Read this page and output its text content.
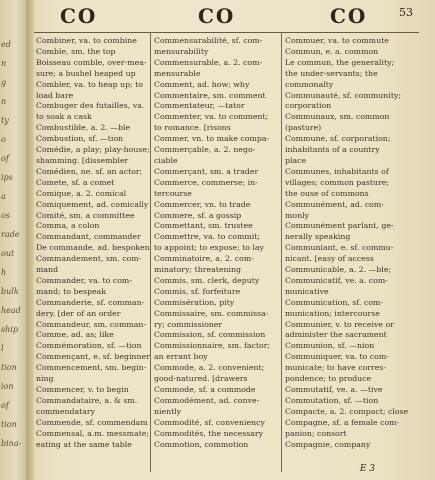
ed
n
g
n
ty
o
of
ips
a
os
rade
out
h
bulk
head
ship
l
tion
ion
of
tion
bina-
CO	CO	CO	53
Combiner, va. to combine
Comble, sm. the top
Boisseau comble, over-mea-
sure; a bushel heaped up
Combler, va. to heap up; to
load bare
Combuger des futailles, va.
to soak a cask
Combustible, a. 2. —ble
Combustion, sf. —tion
Comédie, a play; play-house;
shamming. [dissembler
Comédien, ne. sf. an actor;
Comete, sf. a comet
Comique, a. 2. comical
Comiquement, ad. comically
Comité, sm. a committee
Comma, a colon
Commandant, commander
De commande, ad. bespoken
Commandement, sm. com-
mand
Commander, va. to com-
mand; to bespeak
Commanderie, sf. comman-
dery. [der of an order
Commandeur, sm. comman-
Comme, ad. as; like
Commémoration, sf. —tion
Commençant, e. sf. beginner
Commencement, sm. begin-
ning
Commencer, v. to begin
Commandataire, a. & sm.
commendatary
Commende, sf. commendam
Commensal, a.m. messmate;
eating at the same table
Commensurabilité, sf. com-
mensurability
Commensurable, a. 2. com-
mensurable
Comment, ad. how; why
Commentaire, sm. comment
Commentateur, —tator
Commenter, va. to comment;
to romance. [risons
Commer, vn. to make compa-
Commerçable, a. 2. nego-
ciable
Commerçant, sm. a trader
Commerce, commerse; in-
tercourse
Commercer, vn. to trade
Commere, sf. a gossip
Commettant, sm. trustee
Commettre, va. to commit;
to appoint; to expose; to lay
Comminatoire, a. 2. com-
minatory; threatening
Commis, sm. clerk, deputy
Commis, sf. forfeiture
Commisération, pity
Commissaire, sm. commissa-
ry; commissioner
Commission, sf. commission
Commissionnaire, sm. factor;
an errant boy
Commode, a. 2. convenient;
good-natured. [drawers
Commode, sf. a commode
Commodément, ad. conve-
niently
Commodité, sf. conveniency
Commodités, the necessary
Commotion, commotion
Commuer, va. to commute
Commun, e. a. common
Le commun, the generality;
the under-servants; the
commonalty
Communauté, sf. community;
corporation
Communaux, sm. common
(pasture)
Commune, sf. corporation;
inhabitants of a country
place
Communes, inhabitants of
villages; common pasture;
the ouse of commons
Communément, ad. com-
monly
Communément parlant, ge-
nerally speaking
Communiant, e. sf. commu-
nicant. [easy of access
Communicable, a. 2. —ble;
Communicatif, ve. a. com-
municative
Communication, sf. com-
munication; intercourse
Communier, v. to receive or
administer the sacrament
Communion, sf. —nion
Communiquer, va. to com-
municate; to have corres-
pondence; to produce
Commutatif, ve. a. —tive
Commutation, sf. —tion
Compacte, a. 2. compact; close
Compagne, sf. a female com-
panion; consort
Compagnie, company
E 3
